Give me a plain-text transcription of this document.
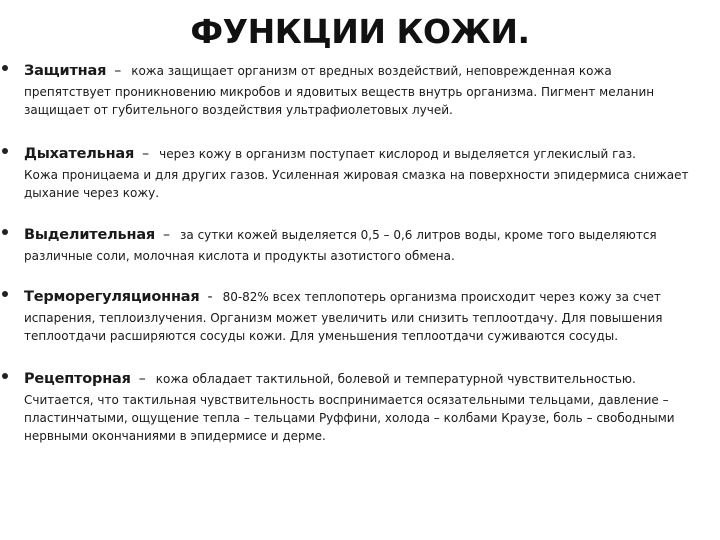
ФУНКЦИИ КОЖИ.
Защитная – кожа защищает организм от вредных воздействий, неповрежденная кожа
препятствует проникновению микробов и ядовитых веществ внутрь организма. Пигмент меланин защищает от губительного воздействия ультрафиолетовых лучей.
Дыхательная – через кожу в организм поступает кислород и выделяется углекислый газ.
Кожа проницаема и для других газов. Усиленная жировая смазка на поверхности эпидермиса снижает дыхание через кожу.
Выделительная – за сутки кожей выделяется 0,5 – 0,6 литров воды, кроме того выделяются
различные соли, молочная кислота и продукты азотистого обмена.
Терморегуляционная - 80-82% всех теплопотерь организма происходит через кожу за счет
испарения, теплоизлучения. Организм может увеличить или снизить теплоотдачу. Для повышения теплоотдачи расширяются сосуды кожи. Для уменьшения теплоотдачи суживаются сосуды.
Рецепторная – кожа обладает тактильной, болевой и температурной чувствительностью.
Считается, что тактильная чувствительность воспринимается осязательными тельцами, давление – пластинчатыми, ощущение тепла – тельцами Руффини, холода – колбами Краузе, боль – свободными нервными окончаниями в эпидермисе и дерме.
